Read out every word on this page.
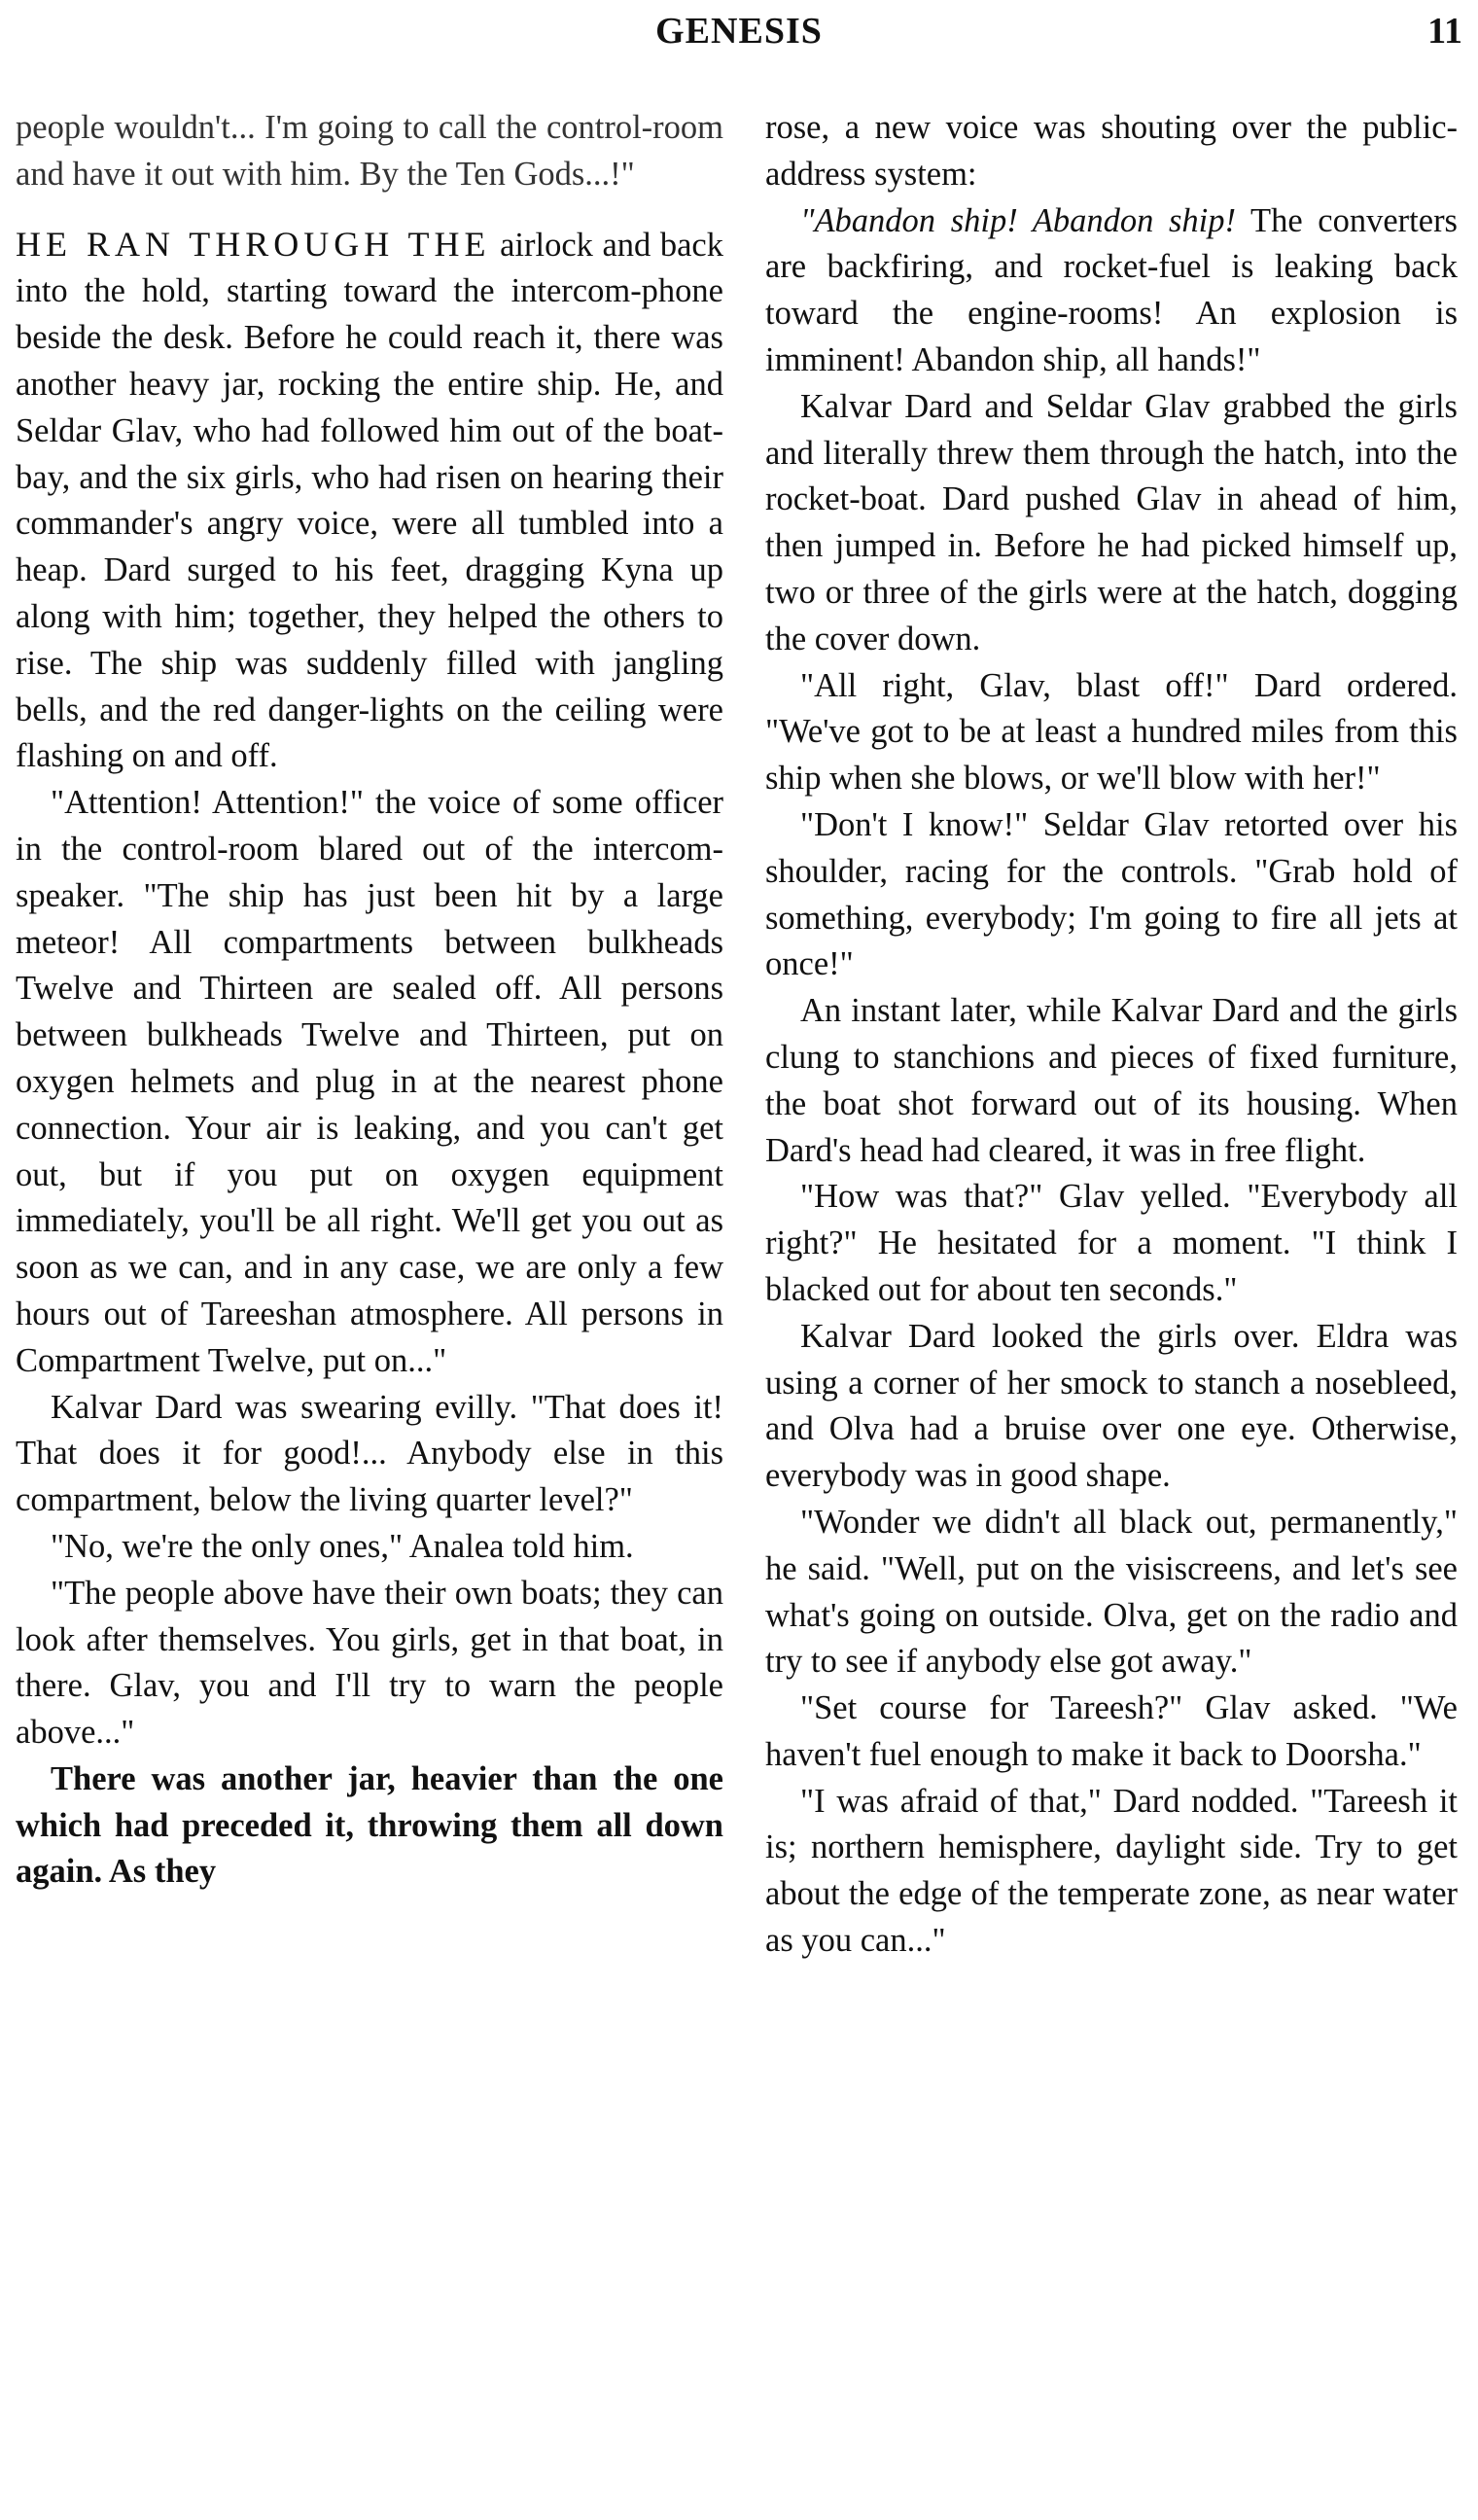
GENESIS	11

people wouldn't... I'm going to call the control-room and have it out with him. By the Ten Gods...!"

HE RAN THROUGH THE airlock and back into the hold, starting toward the intercom-phone beside the desk. Before he could reach it, there was another heavy jar, rocking the entire ship. He, and Seldar Glav, who had followed him out of the boat-bay, and the six girls, who had risen on hearing their commander's angry voice, were all tumbled into a heap. Dard surged to his feet, dragging Kyna up along with him; together, they helped the others to rise. The ship was suddenly filled with jangling bells, and the red danger-lights on the ceiling were flashing on and off.

"Attention! Attention!" the voice of some officer in the control-room blared out of the intercom-speaker. "The ship has just been hit by a large meteor! All compartments between bulkheads Twelve and Thirteen are sealed off. All persons between bulkheads Twelve and Thirteen, put on oxygen helmets and plug in at the nearest phone connection. Your air is leaking, and you can't get out, but if you put on oxygen equipment immediately, you'll be all right. We'll get you out as soon as we can, and in any case, we are only a few hours out of Tareeshan atmosphere. All persons in Compartment Twelve, put on..."

Kalvar Dard was swearing evilly. "That does it! That does it for good!... Anybody else in this compartment, below the living quarter level?"

"No, we're the only ones," Analea told him.

"The people above have their own boats; they can look after themselves. You girls, get in that boat, in there. Glav, you and I'll try to warn the people above..."

There was another jar, heavier than the one which had preceded it, throwing them all down again. As they

rose, a new voice was shouting over the public-address system:

"Abandon ship! Abandon ship! The converters are backfiring, and rocket-fuel is leaking back toward the engine-rooms! An explosion is imminent! Abandon ship, all hands!"

Kalvar Dard and Seldar Glav grabbed the girls and literally threw them through the hatch, into the rocket-boat. Dard pushed Glav in ahead of him, then jumped in. Before he had picked himself up, two or three of the girls were at the hatch, dogging the cover down.

"All right, Glav, blast off!" Dard ordered. "We've got to be at least a hundred miles from this ship when she blows, or we'll blow with her!"

"Don't I know!" Seldar Glav retorted over his shoulder, racing for the controls. "Grab hold of something, everybody; I'm going to fire all jets at once!"

An instant later, while Kalvar Dard and the girls clung to stanchions and pieces of fixed furniture, the boat shot forward out of its housing. When Dard's head had cleared, it was in free flight.

"How was that?" Glav yelled. "Everybody all right?" He hesitated for a moment. "I think I blacked out for about ten seconds."

Kalvar Dard looked the girls over. Eldra was using a corner of her smock to stanch a nosebleed, and Olva had a bruise over one eye. Otherwise, everybody was in good shape.

"Wonder we didn't all black out, permanently," he said. "Well, put on the visiscreens, and let's see what's going on outside. Olva, get on the radio and try to see if anybody else got away."

"Set course for Tareesh?" Glav asked. "We haven't fuel enough to make it back to Doorsha."

"I was afraid of that," Dard nodded. "Tareesh it is; northern hemisphere, daylight side. Try to get about the edge of the temperate zone, as near water as you can..."
